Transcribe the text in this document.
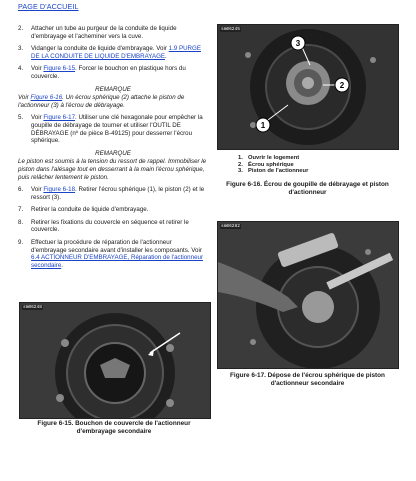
PAGE D'ACCUEIL
2.	Attacher un tube au purgeur de la conduite de liquide d'embrayage et l'acheminer vers la cuve.
3.	Vidanger la conduite de liquide d'embrayage. Voir 1.9 PURGE DE LA CONDUITE DE LIQUIDE D'EMBRAYAGE.
4.	Voir Figure 6-15. Forcer le bouchon en plastique hors du couvercle.
REMARQUE
Voir Figure 6-16. Un écrou sphérique (2) attache le piston de l'actionneur (3) à l'écrou de débrayage.
5.	Voir Figure 6-17. Utiliser une clé hexagonale pour empêcher la goupille de débrayage de tourner et utiliser l'OUTIL DE DÉBRAYAGE (nº de pièce B-49125) pour desserrer l'écrou sphérique.
REMARQUE
Le piston est soumis à la tension du ressort de rappel. Immobiliser le piston dans l'alésage tout en desserrant à la main l'écrou sphérique, puis relâcher lentement le piston.
6.	Voir Figure 6-18. Retirer l'écrou sphérique (1), le piston (2) et le ressort (3).
7.	Retirer la conduite de liquide d'embrayage.
8.	Retirer les fixations du couvercle en séquence et retirer le couvercle.
9.	Effectuer la procédure de réparation de l'actionneur d'embrayage secondaire avant d'installer les composants. Voir 6.4 ACTIONNEUR D'EMBRAYAGE, Réparation de l'actionneur secondaire.
sm06248
Figure 6-15. Bouchon de couvercle de l'actionneur d'embrayage secondaire
3
2
1
sm06245
1. Ouvrir le logement
2. Écrou sphérique
3. Piston de l'actionneur
Figure 6-16. Écrou de goupille de débrayage et piston d'actionneur
sm06282
Figure 6-17. Dépose de l'écrou sphérique de piston d'actionneur secondaire
